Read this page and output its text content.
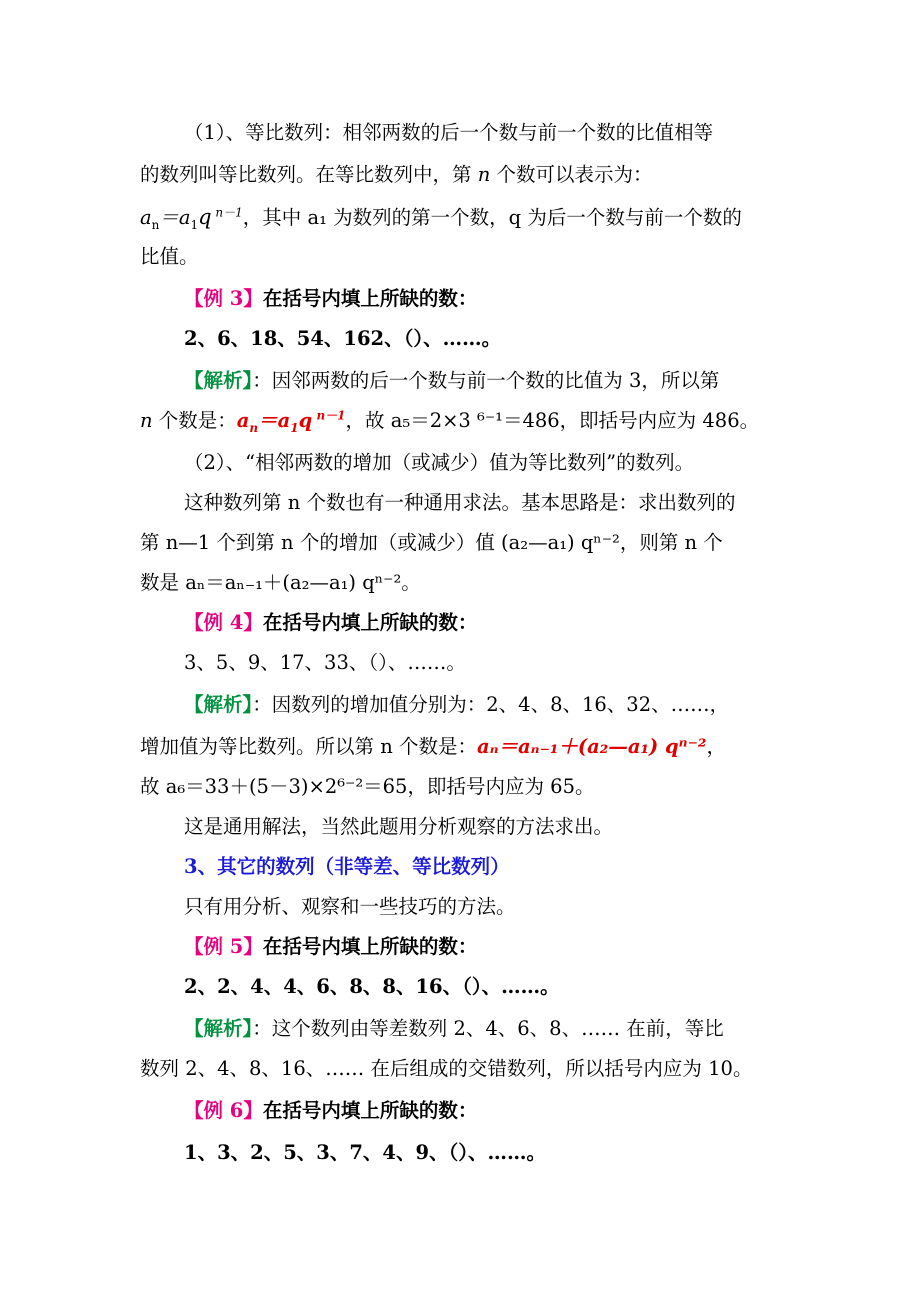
（1）、等比数列：相邻两数的后一个数与前一个数的比值相等
的数列叫等比数列。在等比数列中，第 n 个数可以表示为：
$a_n=a_1q$ $^{n-1}$，其中 a₁ 为数列的第一个数，q 为后一个数与前一个数的
比值。
【例 3】在括号内填上所缺的数：
2、6、18、54、162、（）、……。
【解析】：因邻两数的后一个数与前一个数的比值为 3，所以第
n 个数是：$a_n=a_1q$ $^{n-1}$，故 a₅＝2×3 ⁶⁻¹＝486，即括号内应为 486。
（2）、“相邻两数的增加（或减少）值为等比数列”的数列。
这种数列第 n 个数也有一种通用求法。基本思路是：求出数列的
第 n—1 个到第 n 个的增加（或减少）值 (a₂—a₁) qⁿ⁻²，则第 n 个
数是 aₙ＝aₙ₋₁＋(a₂—a₁) qⁿ⁻²。
【例 4】在括号内填上所缺的数：
3、5、9、17、33、（）、……。
【解析】：因数列的增加值分别为：2、4、8、16、32、……，
增加值为等比数列。所以第 n 个数是：aₙ＝aₙ₋₁＋(a₂—a₁) qⁿ⁻²，
故 a₆＝33＋(5－3)×2⁶⁻²＝65，即括号内应为 65。
这是通用解法，当然此题用分析观察的方法求出。
3、其它的数列（非等差、等比数列）
只有用分析、观察和一些技巧的方法。
【例 5】在括号内填上所缺的数：
2、2、4、4、6、8、8、16、（）、……。
【解析】：这个数列由等差数列 2、4、6、8、…… 在前，等比
数列 2、4、8、16、…… 在后组成的交错数列，所以括号内应为 10。
【例 6】在括号内填上所缺的数：
1、3、2、5、3、7、4、9、（）、……。
